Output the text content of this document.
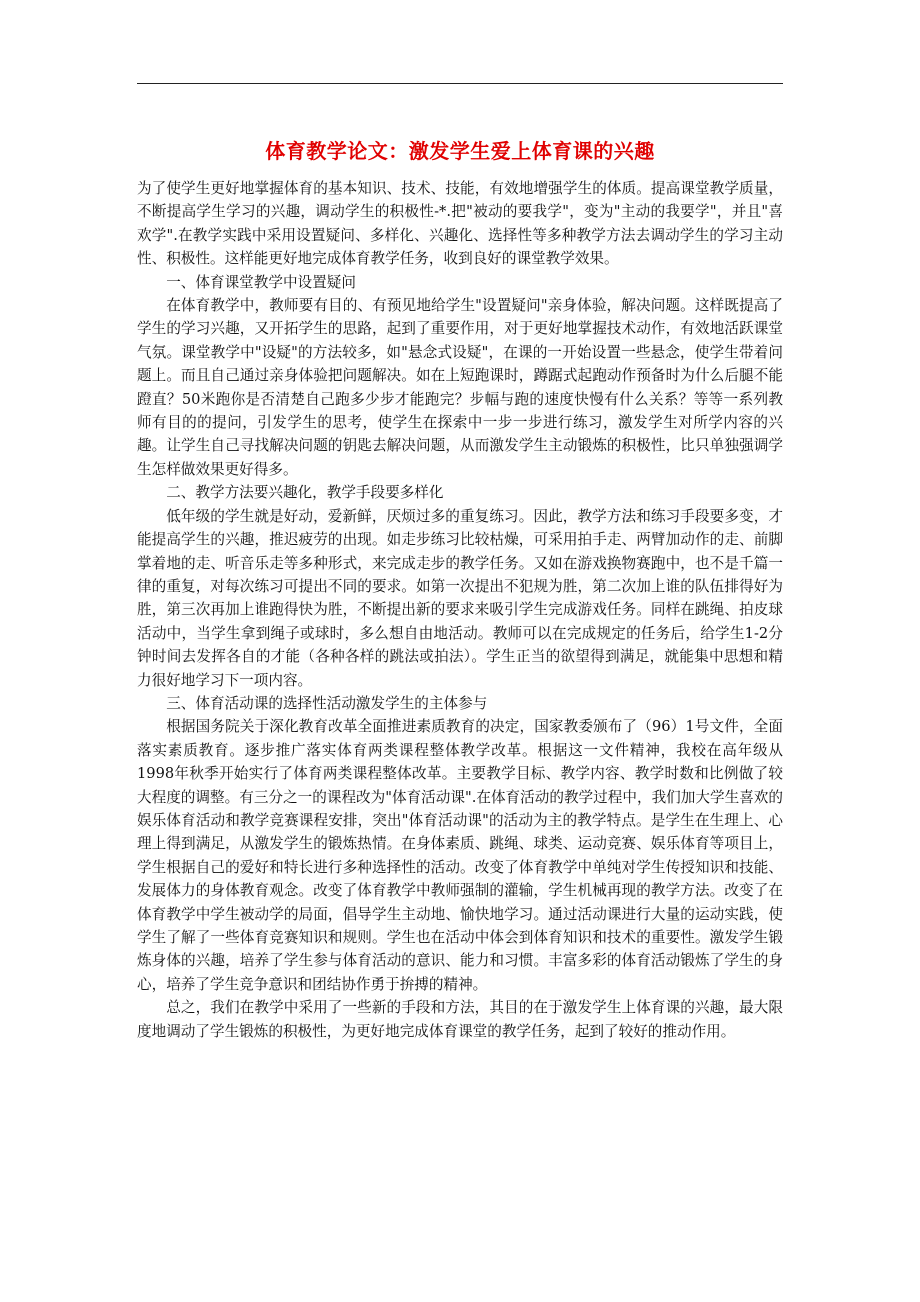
体育教学论文：激发学生爱上体育课的兴趣

为了使学生更好地掌握体育的基本知识、技术、技能，有效地增强学生的体质。提高课堂教学质量，不断提高学生学习的兴趣，调动学生的积极性-*.把"被动的要我学"，变为"主动的我要学"，并且"喜欢学".在教学实践中采用设置疑问、多样化、兴趣化、选择性等多种教学方法去调动学生的学习主动性、积极性。这样能更好地完成体育教学任务，收到良好的课堂教学效果。

一、体育课堂教学中设置疑问

在体育教学中，教师要有目的、有预见地给学生"设置疑问"亲身体验，解决问题。这样既提高了学生的学习兴趣，又开拓学生的思路，起到了重要作用，对于更好地掌握技术动作，有效地活跃课堂气氛。课堂教学中"设疑"的方法较多，如"悬念式设疑"，在课的一开始设置一些悬念，使学生带着问题上。而且自己通过亲身体验把问题解决。如在上短跑课时，蹲踞式起跑动作预备时为什么后腿不能蹬直？50米跑你是否清楚自己跑多少步才能跑完？步幅与跑的速度快慢有什么关系？等等一系列教师有目的的提问，引发学生的思考，使学生在探索中一步一步进行练习，激发学生对所学内容的兴趣。让学生自己寻找解决问题的钥匙去解决问题，从而激发学生主动锻炼的积极性，比只单独强调学生怎样做效果更好得多。

二、教学方法要兴趣化，教学手段要多样化

低年级的学生就是好动，爱新鲜，厌烦过多的重复练习。因此，教学方法和练习手段要多变，才能提高学生的兴趣，推迟疲劳的出现。如走步练习比较枯燥，可采用拍手走、两臂加动作的走、前脚掌着地的走、听音乐走等多种形式，来完成走步的教学任务。又如在游戏换物赛跑中，也不是千篇一律的重复，对每次练习可提出不同的要求。如第一次提出不犯规为胜，第二次加上谁的队伍排得好为胜，第三次再加上谁跑得快为胜，不断提出新的要求来吸引学生完成游戏任务。同样在跳绳、拍皮球活动中，当学生拿到绳子或球时，多么想自由地活动。教师可以在完成规定的任务后，给学生1-2分钟时间去发挥各自的才能（各种各样的跳法或拍法）。学生正当的欲望得到满足，就能集中思想和精力很好地学习下一项内容。

三、体育活动课的选择性活动激发学生的主体参与

根据国务院关于深化教育改革全面推进素质教育的决定，国家教委颁布了（96）1号文件，全面落实素质教育。逐步推广落实体育两类课程整体教学改革。根据这一文件精神，我校在高年级从1998年秋季开始实行了体育两类课程整体改革。主要教学目标、教学内容、教学时数和比例做了较大程度的调整。有三分之一的课程改为"体育活动课".在体育活动的教学过程中，我们加大学生喜欢的娱乐体育活动和教学竞赛课程安排，突出"体育活动课"的活动为主的教学特点。是学生在生理上、心理上得到满足，从激发学生的锻炼热情。在身体素质、跳绳、球类、运动竞赛、娱乐体育等项目上，学生根据自己的爱好和特长进行多种选择性的活动。改变了体育教学中单纯对学生传授知识和技能、发展体力的身体教育观念。改变了体育教学中教师强制的灌输，学生机械再现的教学方法。改变了在体育教学中学生被动学的局面，倡导学生主动地、愉快地学习。通过活动课进行大量的运动实践，使学生了解了一些体育竞赛知识和规则。学生也在活动中体会到体育知识和技术的重要性。激发学生锻炼身体的兴趣，培养了学生参与体育活动的意识、能力和习惯。丰富多彩的体育活动锻炼了学生的身心，培养了学生竞争意识和团结协作勇于拚搏的精神。

总之，我们在教学中采用了一些新的手段和方法，其目的在于激发学生上体育课的兴趣，最大限度地调动了学生锻炼的积极性，为更好地完成体育课堂的教学任务，起到了较好的推动作用。
